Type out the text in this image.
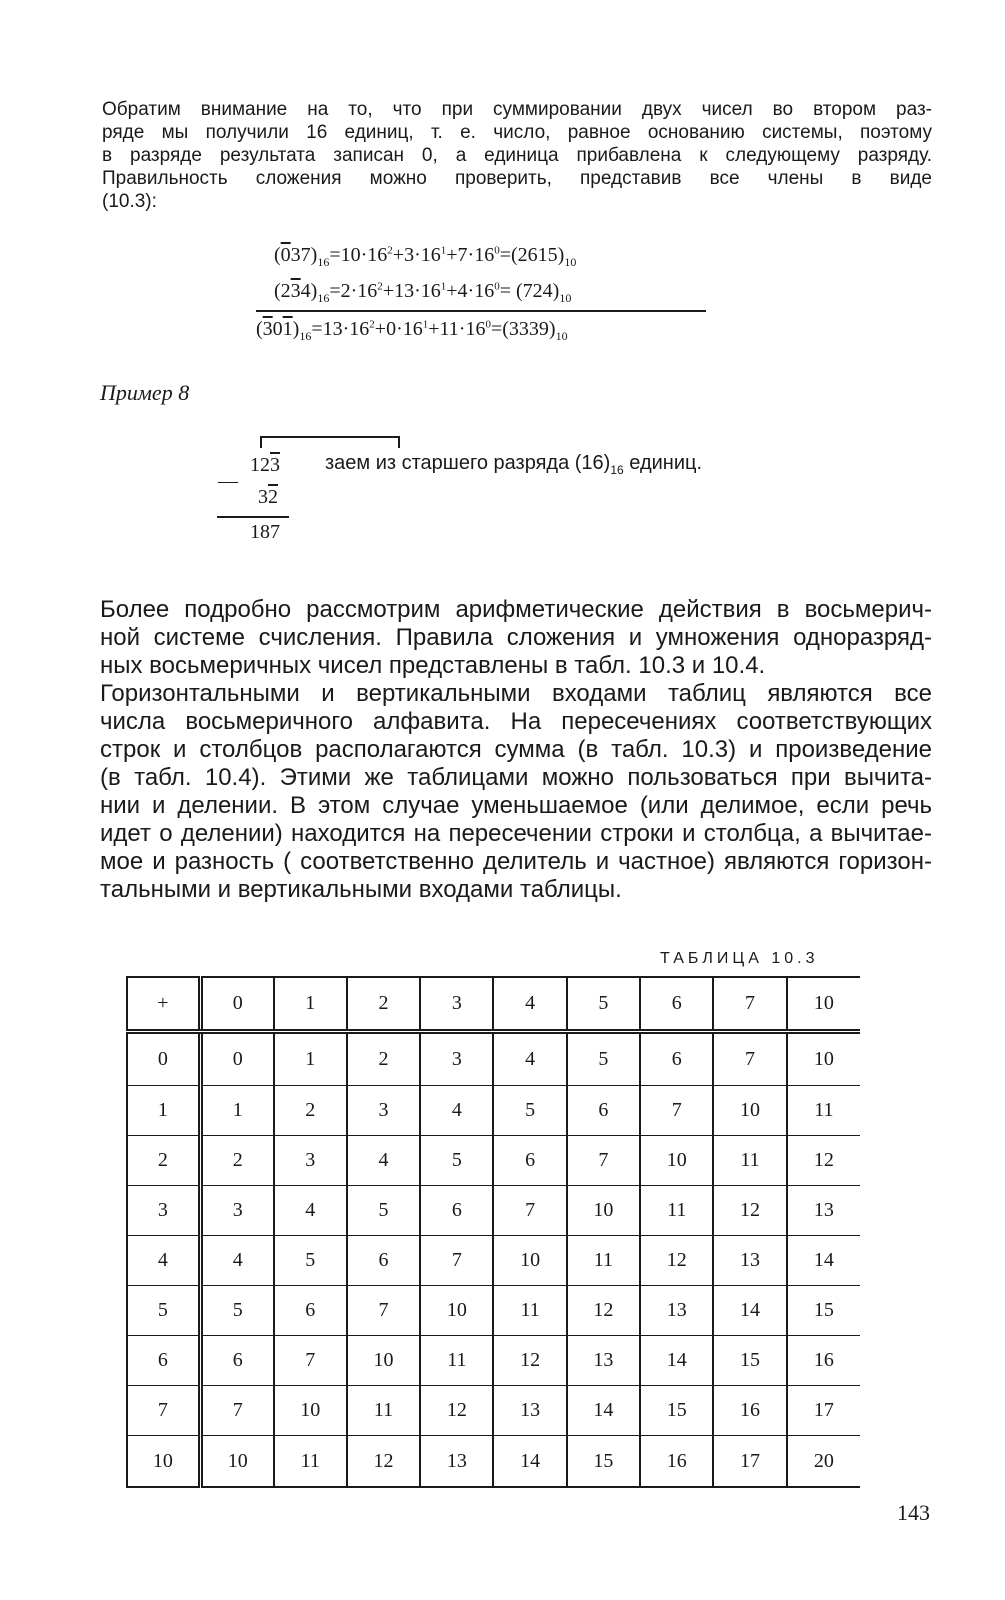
Обратим внимание на то, что при суммировании двух чисел во втором раз-
ряде мы получили 16 единиц, т. е. число, равное основанию системы, поэтому
в разряде результата записан 0, а единица прибавлена к следующему разряду.
Правильность сложения можно проверить, представив все члены в виде
(10.3):
$(037)_{16}=10\cdot 16^2+3\cdot 16^1+7\cdot 16^0=(2615)_{10}$
$(234)_{16}=2\cdot 16^2+13\cdot 16^1+4\cdot 16^0= (724)_{10}$
$(301)_{16}=13\cdot 16^2+0\cdot 16^1+11\cdot 16^0=(3339)_{10}$
Пример 8
123
—
32
187
заем из старшего разряда $(16)_{16}$ единиц.
Более подробно рассмотрим арифметические действия в восьмерич-
ной системе счисления. Правила сложения и умножения одноразряд-
ных восьмеричных чисел представлены в табл. 10.3 и 10.4.
Горизонтальными и вертикальными входами таблиц являются все
числа восьмеричного алфавита. На пересечениях соответствующих
строк и столбцов располагаются сумма (в табл. 10.3) и произведение
(в табл. 10.4). Этими же таблицами можно пользоваться при вычита-
нии и делении. В этом случае уменьшаемое (или делимое, если речь
идет о делении) находится на пересечении строки и столбца, а вычитае-
мое и разность ( соответственно делитель и частное) являются горизон-
тальными и вертикальными входами таблицы.
ТАБЛИЦА 10.3
+	0	1	2	3	4	5	6	7	10
0	0	1	2	3	4	5	6	7	10
1	1	2	3	4	5	6	7	10	11
2	2	3	4	5	6	7	10	11	12
3	3	4	5	6	7	10	11	12	13
4	4	5	6	7	10	11	12	13	14
5	5	6	7	10	11	12	13	14	15
6	6	7	10	11	12	13	14	15	16
7	7	10	11	12	13	14	15	16	17
10	10	11	12	13	14	15	16	17	20
143
